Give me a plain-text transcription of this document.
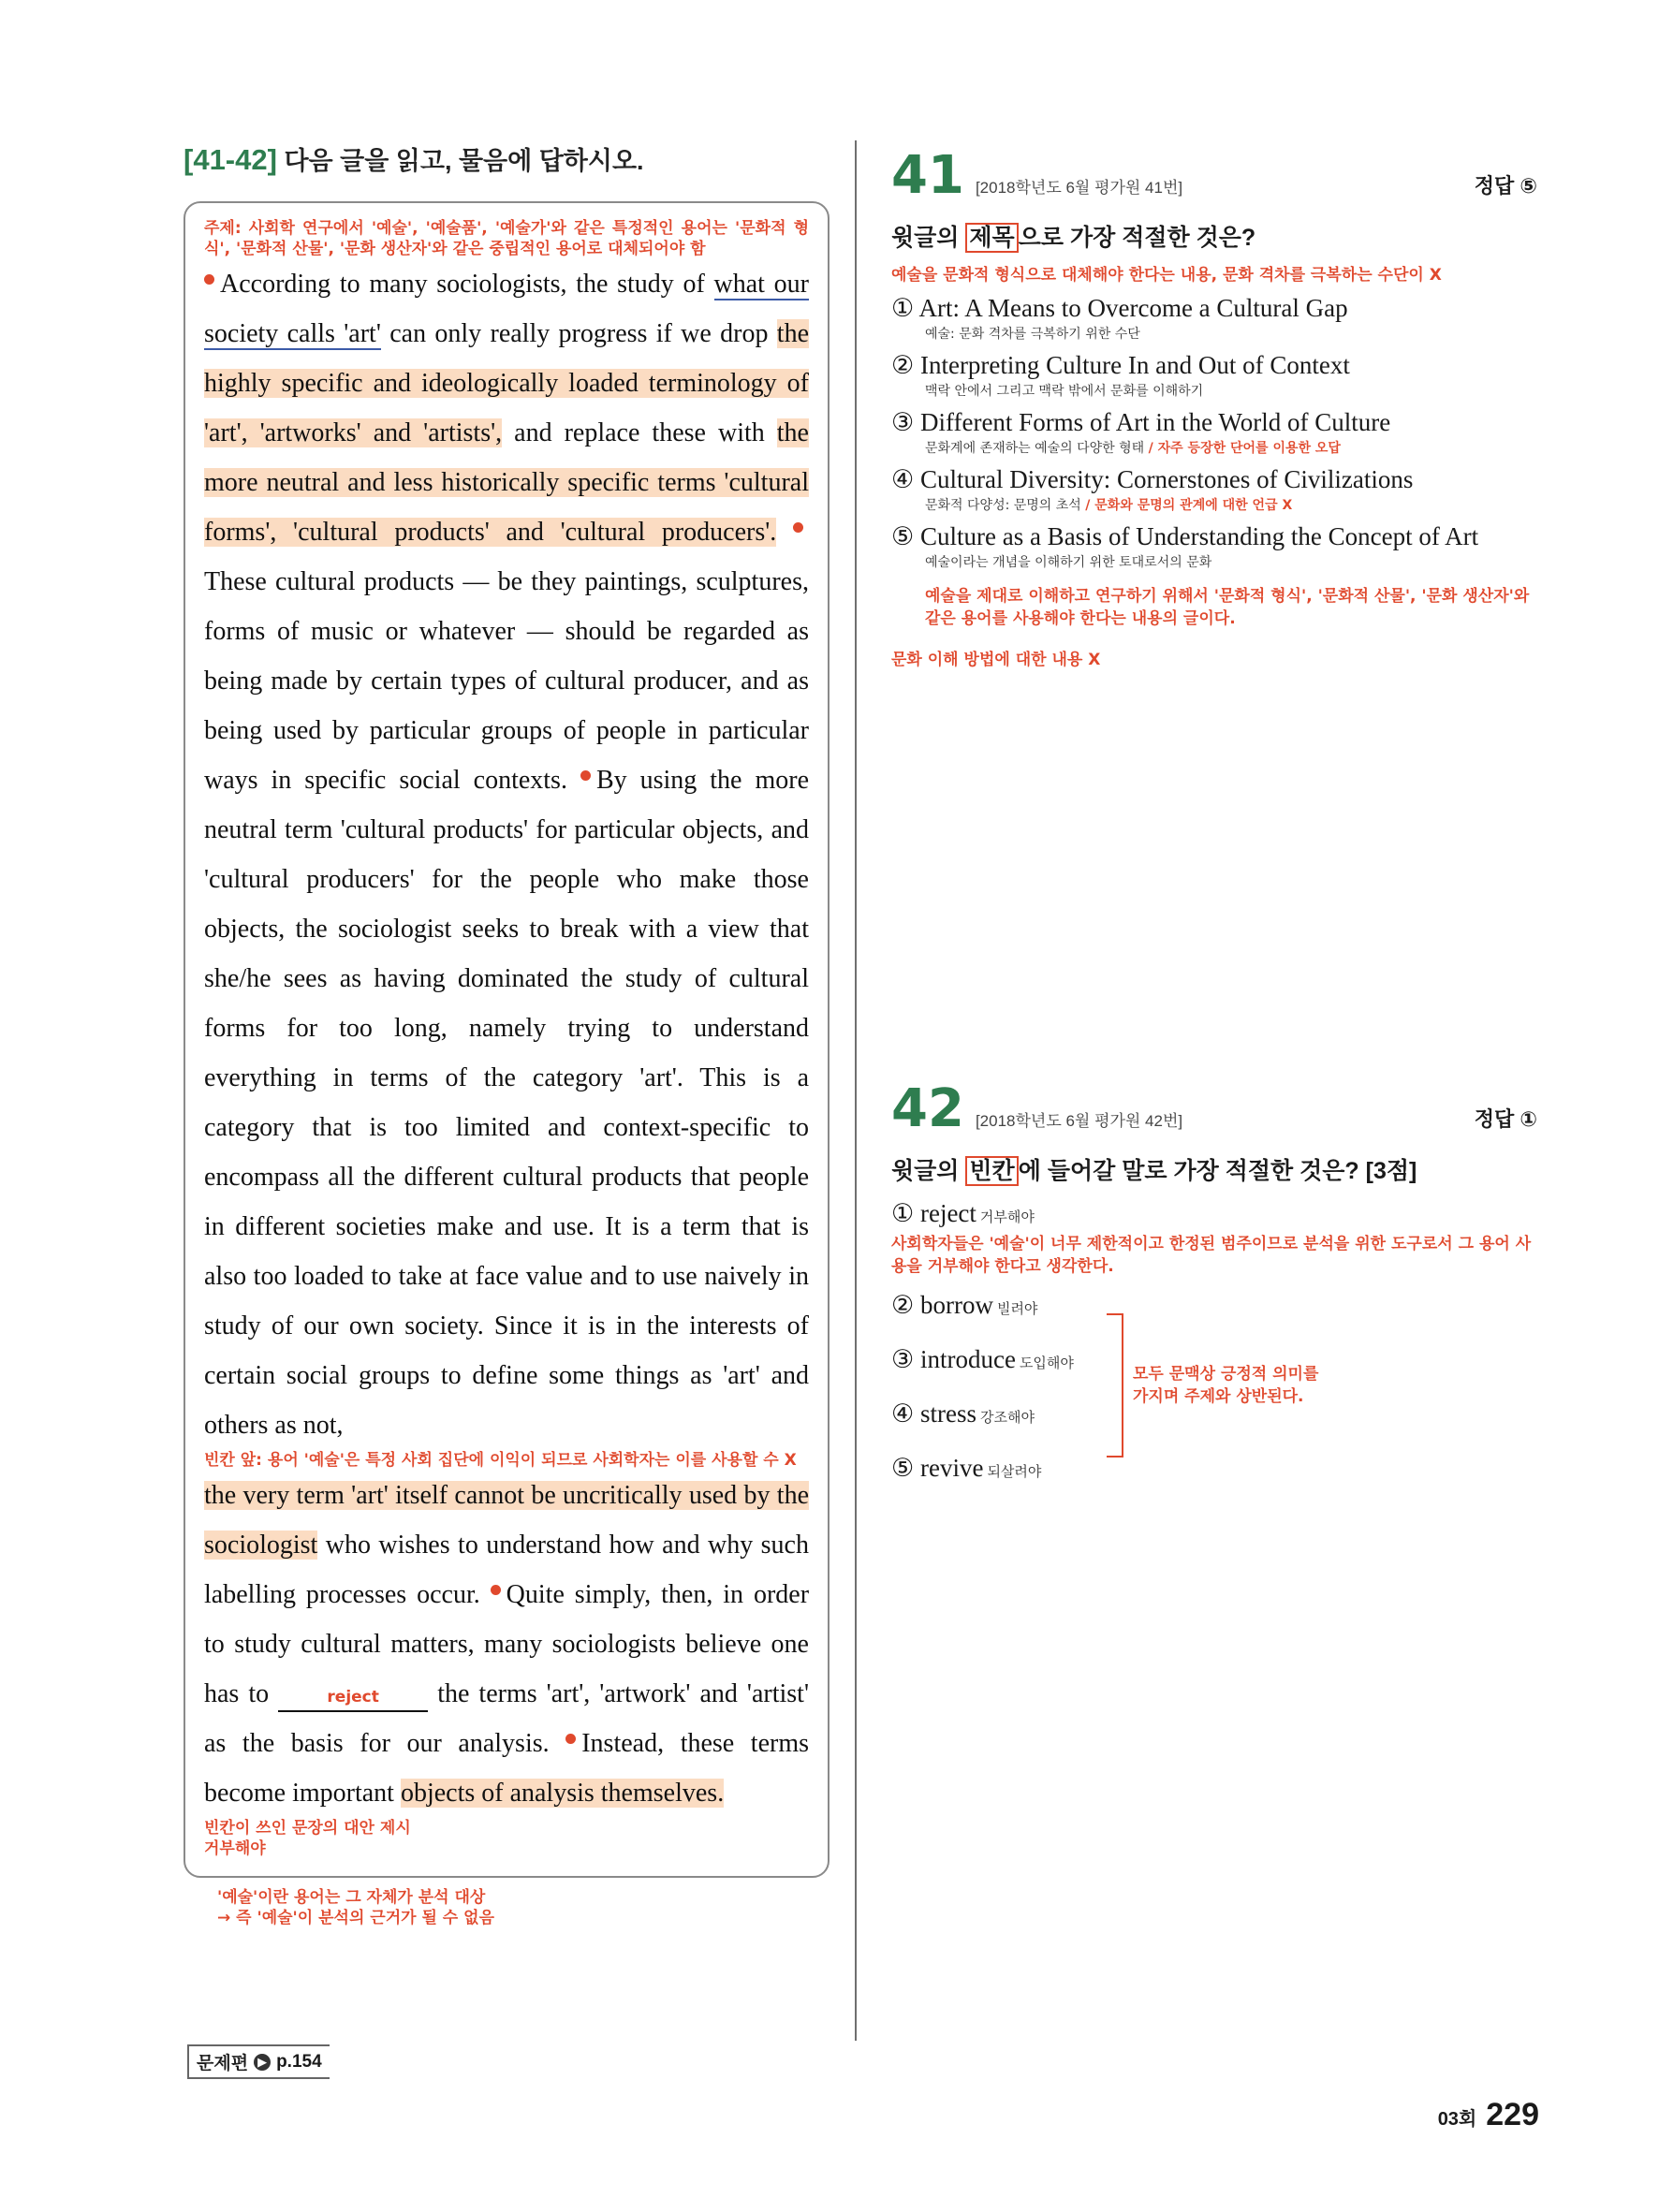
[41-42] 다음 글을 읽고, 물음에 답하시오.
주제: 사회학 연구에서 '예술', '예술품', '예술가'와 같은 특정적인 용어는 '문화적 형식', '문화적 산물', '문화 생산자'와 같은 중립적인 용어로 대체되어야 함
According to many sociologists, the study of what our society calls 'art' can only really progress if we drop the highly specific and ideologically loaded terminology of 'art', 'artworks' and 'artists', and replace these with the more neutral and less historically specific terms 'cultural forms', 'cultural products' and 'cultural producers'. These cultural products — be they paintings, sculptures, forms of music or whatever — should be regarded as being made by certain types of cultural producer, and as being used by particular groups of people in particular ways in specific social contexts. By using the more neutral term 'cultural products' for particular objects, and 'cultural producers' for the people who make those objects, the sociologist seeks to break with a view that she/he sees as having dominated the study of cultural forms for too long, namely trying to understand everything in terms of the category 'art'. This is a category that is too limited and context-specific to encompass all the different cultural products that people in different societies make and use. It is a term that is also too loaded to take at face value and to use naively in study of our own society. Since it is in the interests of certain social groups to define some things as 'art' and others as not,
빈칸 앞: 용어 '예술'은 특정 사회 집단에 이익이 되므로 사회학자는 이를 사용할 수 X
the very term 'art' itself cannot be uncritically used by the sociologist who wishes to understand how and why such labelling processes occur. Quite simply, then, in order to study cultural matters, many sociologists believe one has to	reject the terms 'art', 'artwork' and 'artist' as the basis for our analysis. Instead, these terms become important objects of analysis themselves.
빈칸이 쓰인 문장의 대안 제시
거부해야
'예술'이란 용어는 그 자체가 분석 대상
→ 즉 '예술'이 분석의 근거가 될 수 없음
문제편 ▶ p.154
41 [2018학년도 6월 평가원 41번]	정답 ⑤
윗글의 제목 으로 가장 적절한 것은?
예술을 문화적 형식으로 대체해야 한다는 내용, 문화 격차를 극복하는 수단이 X
① Art: A Means to Overcome a Cultural Gap
예술: 문화 격차를 극복하기 위한 수단
② Interpreting Culture In and Out of Context
맥락 안에서 그리고 맥락 밖에서 문화를 이해하기
③ Different Forms of Art in the World of Culture
문화계에 존재하는 예술의 다양한 형태 / 자주 등장한 단어를 이용한 오답
④ Cultural Diversity: Cornerstones of Civilizations
문화적 다양성: 문명의 초석 / 문화와 문명의 관계에 대한 언급 X
⑤ Culture as a Basis of Understanding the Concept of Art
예술이라는 개념을 이해하기 위한 토대로서의 문화
예술을 제대로 이해하고 연구하기 위해서 '문화적 형식', '문화적 산물', '문화 생산자'와 같은 용어를 사용해야 한다는 내용의 글이다.
문화 이해 방법에 대한 내용 X
42 [2018학년도 6월 평가원 42번]	정답 ①
윗글의 빈칸 에 들어갈 말로 가장 적절한 것은? [3점]
① reject 거부해야
사회학자들은 '예술'이 너무 제한적이고 한정된 범주이므로 분석을 위한 도구로서 그 용어 사용을 거부해야 한다고 생각한다.
② borrow 빌려야
③ introduce 도입해야
④ stress 강조해야
⑤ revive 되살려야
모두 문맥상 긍정적 의미를 가지며 주제와 상반된다.
03회 229
